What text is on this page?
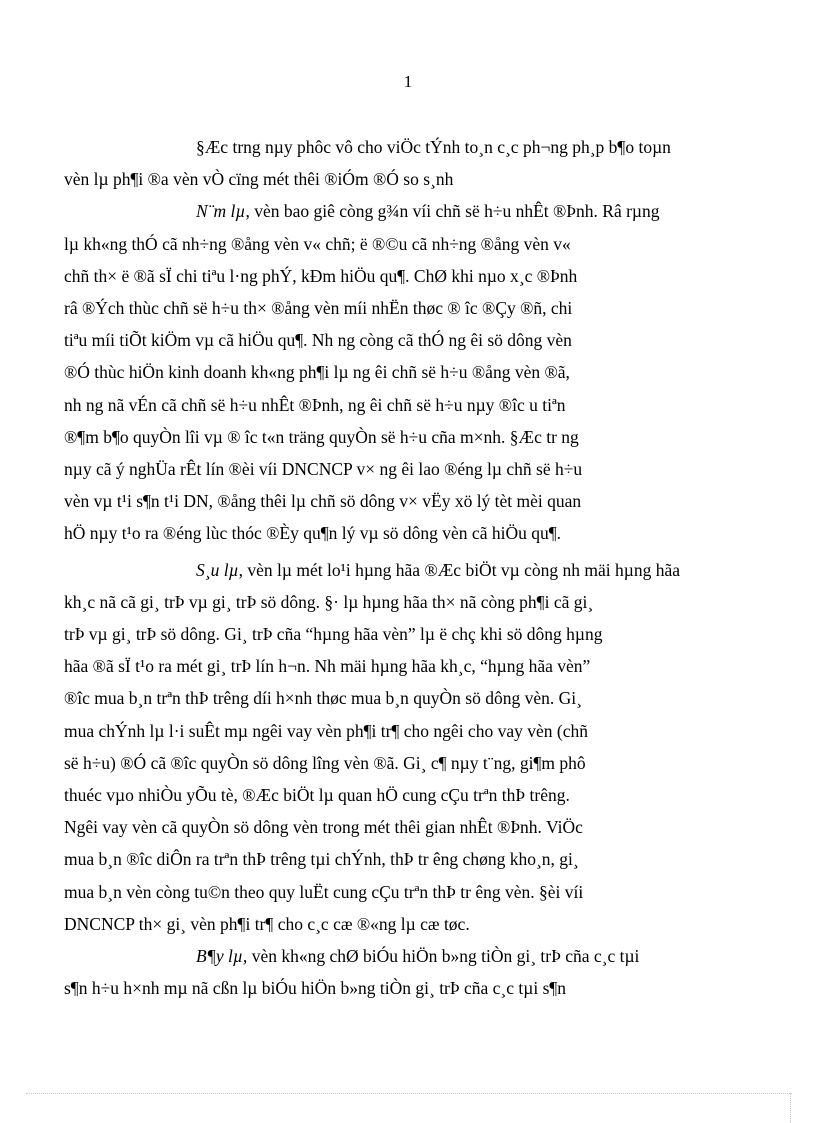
1

§Æc trng nµy phôc vô cho viÖc tÝnh to¸n c¸c ph¬ng ph¸p b¶o toµn
vèn lµ ph¶i ®a vèn vÒ cïng mét thêi ®iÓm ®Ó so s¸nh

N¨m lµ, vèn bao giê còng g¾n víi chñ së h÷u nhÊt ®Þnh. Râ rµng
lµ kh«ng thÓ cã nh÷ng ®ång vèn v« chñ; ë ®©u cã nh÷ng ®ång vèn v«
chñ th× ë ®ã sÏ chi tiªu l·ng phÝ, kÐm hiÖu qu¶. ChØ khi nµo x¸c ®Þnh
râ ®Ých thùc chñ së h÷u th× ®ång vèn míi nhËn thøc ® îc ®Çy ®ñ, chi
tiªu míi tiÕt kiÖm vµ cã hiÖu qu¶. Nh ng còng cã thÓ ng êi sö dông vèn
®Ó thùc hiÖn kinh doanh kh«ng ph¶i lµ ng êi chñ së h÷u ®ång vèn ®ã,
nh ng nã vÉn cã chñ së h÷u nhÊt ®Þnh, ng êi chñ së h÷u nµy ®îc u tiªn
®¶m b¶o quyÒn lîi vµ ® îc t«n träng quyÒn së h÷u cña m×nh. §Æc tr ng
nµy cã ý nghÜa rÊt lín ®èi víi DNCNCP v× ng êi lao ®éng lµ chñ së h÷u
vèn vµ t¹i s¶n t¹i DN, ®ång thêi lµ chñ sö dông v× vËy xö lý tèt mèi quan
hÖ nµy t¹o ra ®éng lùc thóc ®Èy qu¶n lý vµ sö dông vèn cã hiÖu qu¶.

S¸u lµ, vèn lµ mét lo¹i hµng hãa ®Æc biÖt vµ còng nh mäi hµng hãa
kh¸c nã cã gi¸ trÞ vµ gi¸ trÞ sö dông. §· lµ hµng hãa th× nã còng ph¶i cã gi¸
trÞ vµ gi¸ trÞ sö dông. Gi¸ trÞ cña “hµng hãa vèn” lµ ë chç khi sö dông hµng
hãa ®ã sÏ t¹o ra mét gi¸ trÞ lín h¬n. Nh mäi hµng hãa kh¸c, “hµng hãa vèn”
®îc mua b¸n trªn thÞ trêng díi h×nh thøc mua b¸n quyÒn sö dông vèn. Gi¸
mua chÝnh lµ l·i suÊt mµ ngêi vay vèn ph¶i tr¶ cho ngêi cho vay vèn (chñ
së h÷u) ®Ó cã ®îc quyÒn sö dông lîng vèn ®ã. Gi¸ c¶ nµy t¨ng, gi¶m phô
thuéc vµo nhiÒu yÕu tè, ®Æc biÖt lµ quan hÖ cung cÇu trªn thÞ trêng.
Ngêi vay vèn cã quyÒn sö dông vèn trong mét thêi gian nhÊt ®Þnh. ViÖc
mua b¸n ®îc diÔn ra trªn thÞ trêng tµi chÝnh, thÞ tr êng chøng kho¸n, gi¸
mua b¸n vèn còng tu©n theo quy luËt cung cÇu trªn thÞ tr êng vèn. §èi víi
DNCNCP th× gi¸ vèn ph¶i tr¶ cho c¸c cæ ®«ng lµ cæ tøc.

B¶y lµ, vèn kh«ng chØ biÓu hiÖn b»ng tiÒn gi¸ trÞ cña c¸c tµi
s¶n h÷u h×nh mµ nã cßn lµ biÓu hiÖn b»ng tiÒn gi¸ trÞ cña c¸c tµi s¶n
